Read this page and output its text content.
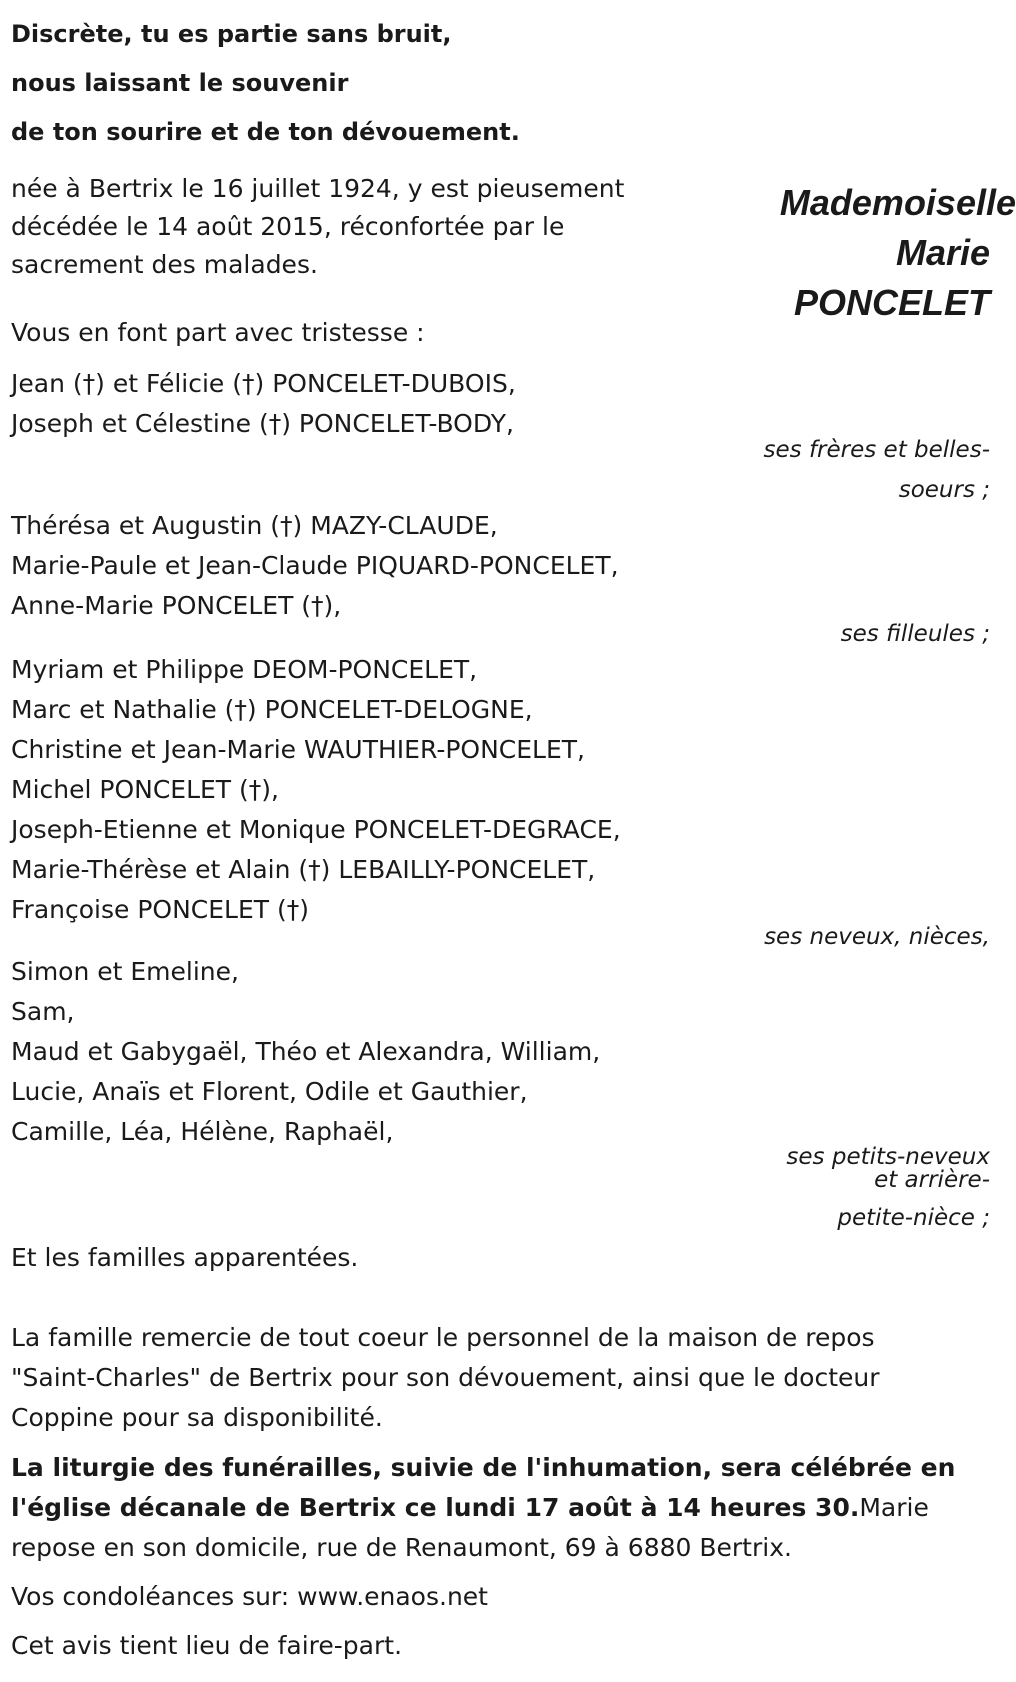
Discrète, tu es partie sans bruit,
nous laissant le souvenir
de ton sourire et de ton dévouement.
Mademoiselle
Marie
PONCELET
née à Bertrix le 16 juillet 1924, y est pieusement
décédée le 14 août 2015, réconfortée par le
sacrement des malades.
Vous en font part avec tristesse :
Jean (†) et Félicie (†) PONCELET-DUBOIS,
Joseph et Célestine (†) PONCELET-BODY,
ses frères et belles-
soeurs ;
Thérésa et Augustin (†) MAZY-CLAUDE,
Marie-Paule et Jean-Claude PIQUARD-PONCELET,
Anne-Marie PONCELET (†),
ses filleules ;
Myriam et Philippe DEOM-PONCELET,
Marc et Nathalie (†) PONCELET-DELOGNE,
Christine et Jean-Marie WAUTHIER-PONCELET,
Michel PONCELET (†),
Joseph-Etienne et Monique PONCELET-DEGRACE,
Marie-Thérèse et Alain (†) LEBAILLY-PONCELET,
Françoise PONCELET (†)
ses neveux, nièces,
Simon et Emeline,
Sam,
Maud et Gabygaël, Théo et Alexandra, William,
Lucie, Anaïs et Florent, Odile et Gauthier,
Camille, Léa, Hélène, Raphaël,
ses petits-neveux
et arrière-
petite-nièce ;
Et les familles apparentées.
La famille remercie de tout coeur le personnel de la maison de repos
"Saint-Charles" de Bertrix pour son dévouement, ainsi que le docteur
Coppine pour sa disponibilité.
La liturgie des funérailles, suivie de l'inhumation, sera célébrée en
l'église décanale de Bertrix ce lundi 17 août à 14 heures 30.Marie
repose en son domicile, rue de Renaumont, 69 à 6880 Bertrix.
Vos condoléances sur: www.enaos.net
Cet avis tient lieu de faire-part.
